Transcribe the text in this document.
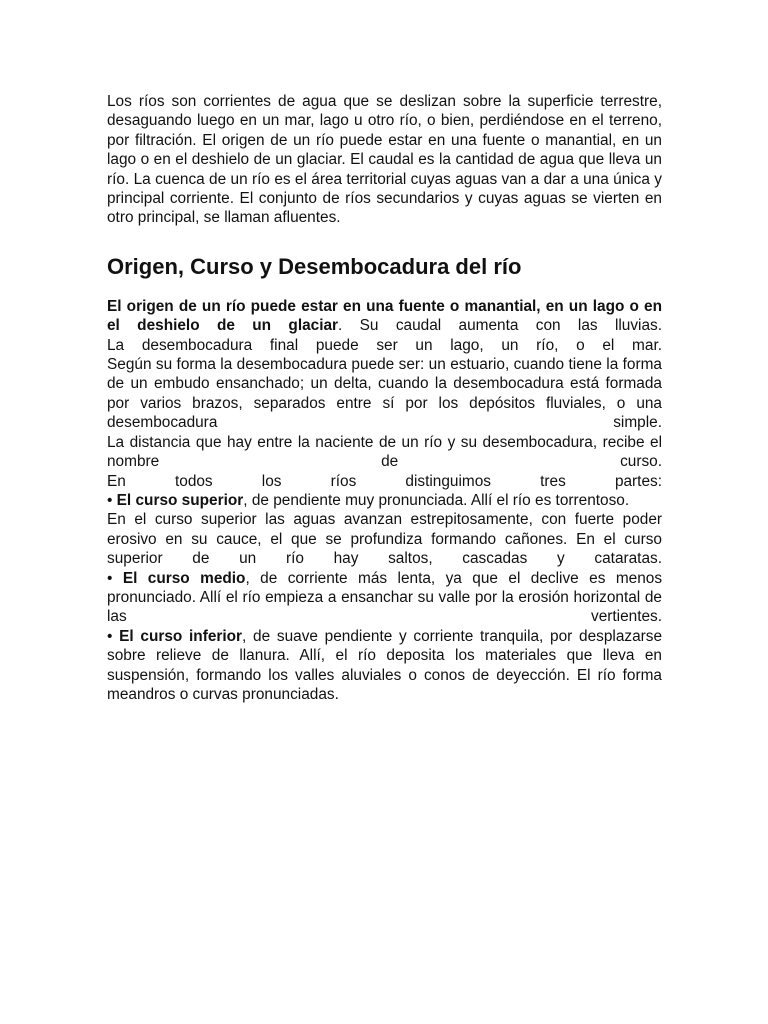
Los ríos son corrientes de agua que se deslizan sobre la superficie terrestre, desaguando luego en un mar, lago u otro río, o bien, perdiéndose en el terreno, por filtración. El origen de un río puede estar en una fuente o manantial, en un lago o en el deshielo de un glaciar. El caudal es la cantidad de agua que lleva un río. La cuenca de un río es el área territorial cuyas aguas van a dar a una única y principal corriente. El conjunto de ríos secundarios y cuyas aguas se vierten en otro principal, se llaman afluentes.

Origen, Curso y Desembocadura del río
El origen de un río puede estar en una fuente o manantial, en un lago o en el deshielo de un glaciar. Su caudal aumenta con las lluvias.
La desembocadura final puede ser un lago, un río, o el mar.
Según su forma la desembocadura puede ser: un estuario, cuando tiene la forma de un embudo ensanchado; un delta, cuando la desembocadura está formada por varios brazos, separados entre sí por los depósitos fluviales, o una desembocadura simple.
La distancia que hay entre la naciente de un río y su desembocadura, recibe el nombre de curso.
En todos los ríos distinguimos tres partes:
• El curso superior, de pendiente muy pronunciada. Allí el río es torrentoso.
En el curso superior las aguas avanzan estrepitosamente, con fuerte poder erosivo en su cauce, el que se profundiza formando cañones. En el curso superior de un río hay saltos, cascadas y cataratas.
• El curso medio, de corriente más lenta, ya que el declive es menos pronunciado. Allí el río empieza a ensanchar su valle por la erosión horizontal de las vertientes.
• El curso inferior, de suave pendiente y corriente tranquila, por desplazarse sobre relieve de llanura. Allí, el río deposita los materiales que lleva en suspensión, formando los valles aluviales o conos de deyección. El río forma meandros o curvas pronunciadas.
